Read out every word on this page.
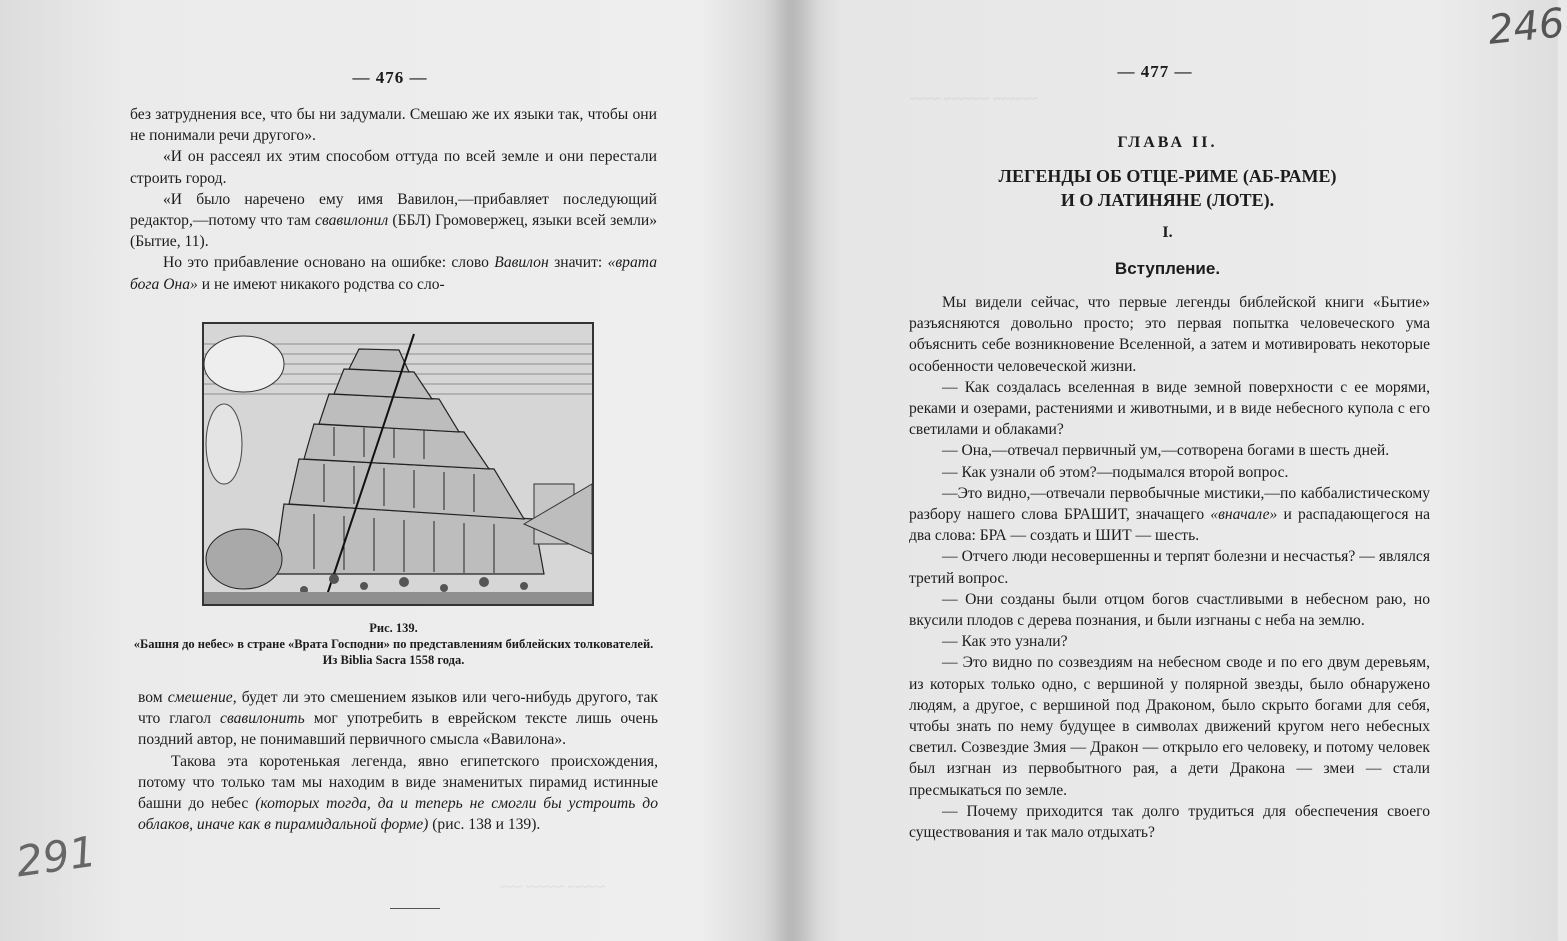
246
— 476 —

без затруднения все, что бы ни задумали. Смешаю же их языки так, чтобы они не понимали речи другого».

«И он рассеял их этим способом оттуда по всей земле и они перестали строить город.

«И было наречено ему имя Вавилон,—прибавляет последующий редактор,—потому что там свавилонил (ББЛ) Громовержец, языки всей земли» (Бытие, 11).

Но это прибавление основано на ошибке: слово Вавилон значит: «врата бога Она» и не имеют никакого родства со сло-

Рис. 139.
«Башня до небес» в стране «Врата Господни» по представлениям библейских толкователей. Из Biblia Sacra 1558 года.

вом смешение, будет ли это смешением языков или чего-нибудь другого, так что глагол свавилонить мог употребить в еврейском тексте лишь очень поздний автор, не понимавший первичного смысла «Вавилона».

Такова эта коротенькая легенда, явно египетского происхождения, потому что только там мы находим в виде знаменитых пирамид истинные башни до небес (которых тогда, да и теперь не смогли бы устроить до облаков, иначе как в пирамидальной форме) (рис. 138 и 139).

291
— 477 —
ГЛАВА II.
ЛЕГЕНДЫ ОБ ОТЦЕ-РИМЕ (АБ-РАМЕ)
И О ЛАТИНЯНЕ (ЛОТЕ).
I.
Вступление.

Мы видели сейчас, что первые легенды библейской книги «Бытие» разъясняются довольно просто; это первая попытка человеческого ума объяснить себе возникновение Вселенной, а затем и мотивировать некоторые особенности человеческой жизни.

— Как создалась вселенная в виде земной поверхности с ее морями, реками и озерами, растениями и животными, и в виде небесного купола с его светилами и облаками?

— Она,—отвечал первичный ум,—сотворена богами в шесть дней.

— Как узнали об этом?—подымался второй вопрос.

—Это видно,—отвечали первобычные мистики,—по каббалистическому разбору нашего слова БРАШИТ, значащего «вначале» и распадающегося на два слова: БРА — создать и ШИТ — шесть.

— Отчего люди несовершенны и терпят болезни и несчастья? — являлся третий вопрос.

— Они созданы были отцом богов счастливыми в небесном раю, но вкусили плодов с дерева познания, и были изгнаны с неба на землю.

— Как это узнали?

— Это видно по созвездиям на небесном своде и по его двум деревьям, из которых только одно, с вершиной у полярной звезды, было обнаружено людям, а другое, с вершиной под Драконом, было скрыто богами для себя, чтобы знать по нему будущее в символах движений кругом него небесных светил. Созвездие Змия — Дракон — открыло его человеку, и потому человек был изгнан из первобытного рая, а дети Дракона — змеи — стали пресмыкаться по земле.

— Почему приходится так долго трудиться для обеспечения своего существования и так мало отдыхать?
